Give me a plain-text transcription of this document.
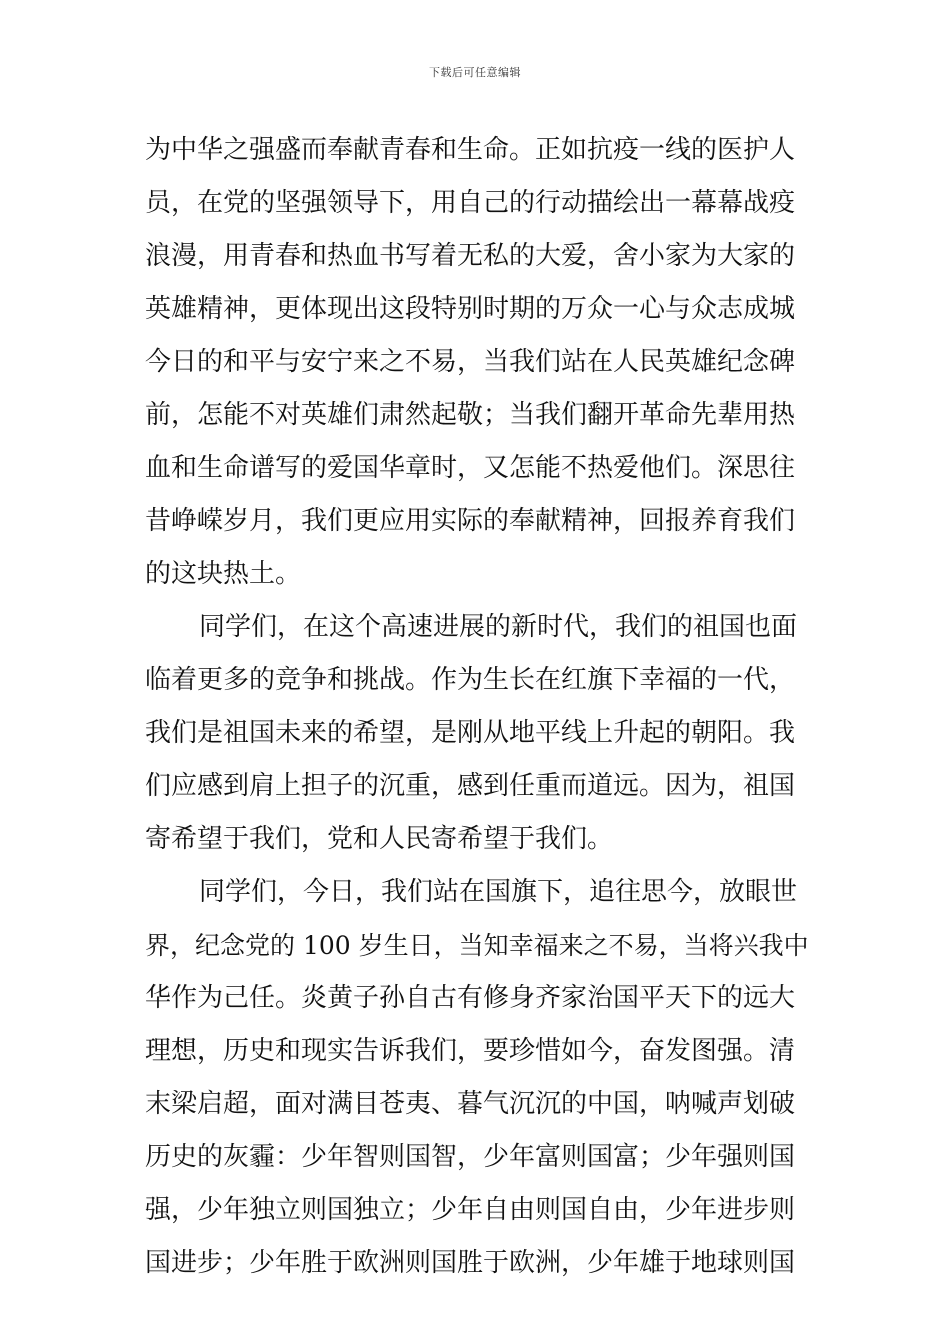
下载后可任意编辑
为中华之强盛而奉献青春和生命。正如抗疫一线的医护人
员，在党的坚强领导下，用自己的行动描绘出一幕幕战疫
浪漫，用青春和热血书写着无私的大爱，舍小家为大家的
英雄精神，更体现出这段特别时期的万众一心与众志成城
今日的和平与安宁来之不易，当我们站在人民英雄纪念碑
前，怎能不对英雄们肃然起敬；当我们翻开革命先辈用热
血和生命谱写的爱国华章时，又怎能不热爱他们。深思往
昔峥嵘岁月，我们更应用实际的奉献精神，回报养育我们
的这块热土。
同学们，在这个高速进展的新时代，我们的祖国也面
临着更多的竞争和挑战。作为生长在红旗下幸福的一代，
我们是祖国未来的希望，是刚从地平线上升起的朝阳。我
们应感到肩上担子的沉重，感到任重而道远。因为，祖国
寄希望于我们，党和人民寄希望于我们。
同学们，今日，我们站在国旗下，追往思今，放眼世
界，纪念党的 100 岁生日，当知幸福来之不易，当将兴我中
华作为己任。炎黄子孙自古有修身齐家治国平天下的远大
理想，历史和现实告诉我们，要珍惜如今，奋发图强。清
末梁启超，面对满目苍夷、暮气沉沉的中国，呐喊声划破
历史的灰霾：少年智则国智，少年富则国富；少年强则国
强，少年独立则国独立；少年自由则国自由，少年进步则
国进步；少年胜于欧洲则国胜于欧洲，少年雄于地球则国
